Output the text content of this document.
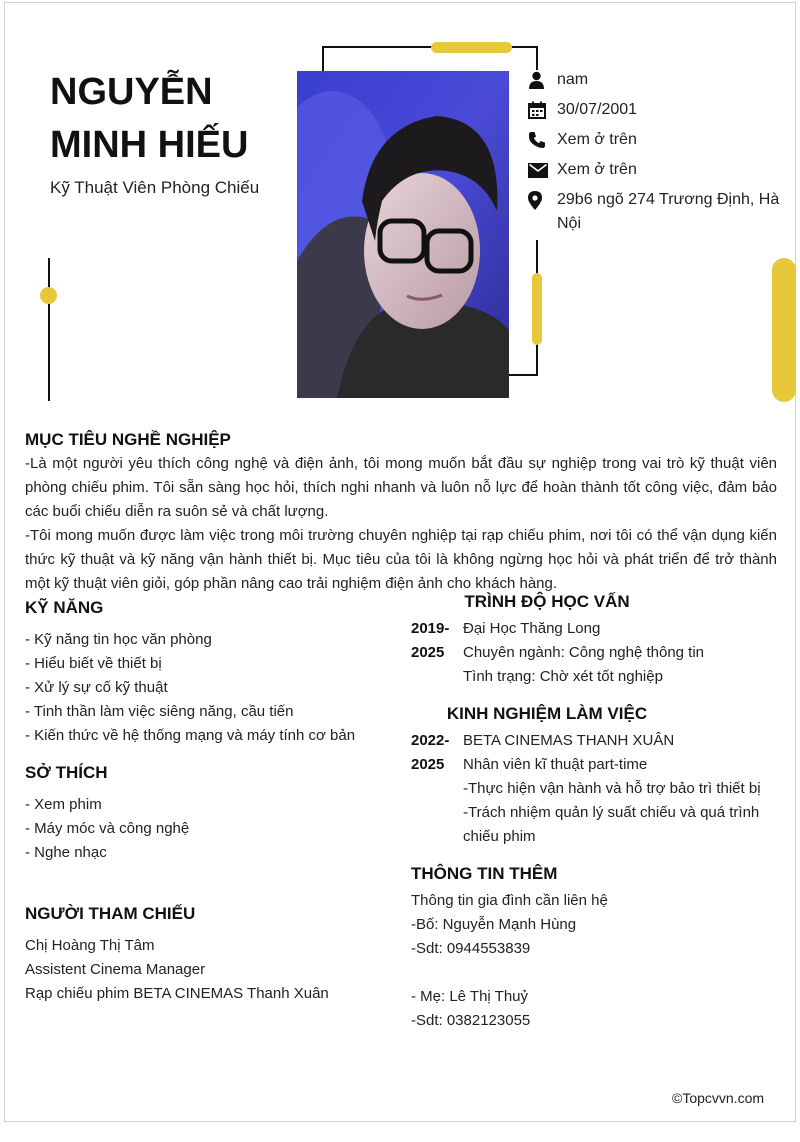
NGUYỄN
MINH HIẾU
Kỹ Thuật Viên Phòng Chiếu
nam
30/07/2001
Xem ở trên
Xem ở trên
29b6 ngõ 274 Trương Định, Hà
Nội
MỤC TIÊU NGHỀ NGHIỆP

-Là một người yêu thích công nghệ và điện ảnh, tôi mong muốn bắt đầu sự nghiệp trong vai trò kỹ thuật viên phòng chiếu phim. Tôi sẵn sàng học hỏi, thích nghi nhanh và luôn nỗ lực để hoàn thành tốt công việc, đảm bảo các buổi chiếu diễn ra suôn sẻ và chất lượng.

-Tôi mong muốn được làm việc trong môi trường chuyên nghiệp tại rạp chiếu phim, nơi tôi có thể vận dụng kiến thức kỹ thuật và kỹ năng vận hành thiết bị. Mục tiêu của tôi là không ngừng học hỏi và phát triển để trở thành một kỹ thuật viên giỏi, góp phần nâng cao trải nghiệm điện ảnh cho khách hàng.

KỸ NĂNG
- Kỹ năng tin học văn phòng
- Hiểu biết về thiết bị
- Xử lý sự cố kỹ thuật
- Tinh thần làm việc siêng năng, cầu tiến
- Kiến thức về hệ thống mạng và máy tính cơ bản
SỞ THÍCH
- Xem phim
- Máy móc và công nghệ
- Nghe nhạc
NGƯỜI THAM CHIẾU
Chị Hoàng Thị Tâm
Assistent Cinema Manager
Rạp chiếu phim BETA CINEMAS Thanh Xuân
TRÌNH ĐỘ HỌC VẤN
2019-
2025
Đại Học Thăng Long
Chuyên ngành: Công nghệ thông tin
Tình trạng: Chờ xét tốt nghiệp
KINH NGHIỆM LÀM VIỆC
2022-
2025
BETA CINEMAS THANH XUÂN
Nhân viên kĩ thuật part-time
-Thực hiện vận hành và hỗ trợ bảo trì thiết bị
-Trách nhiệm quản lý suất chiếu và quá trình
chiếu phim
THÔNG TIN THÊM
Thông tin gia đình cần liên hệ
-Bố: Nguyễn Mạnh Hùng
-Sdt: 0944553839
- Mẹ: Lê Thị Thuỷ
-Sdt: 0382123055
©Topcvvn.com
